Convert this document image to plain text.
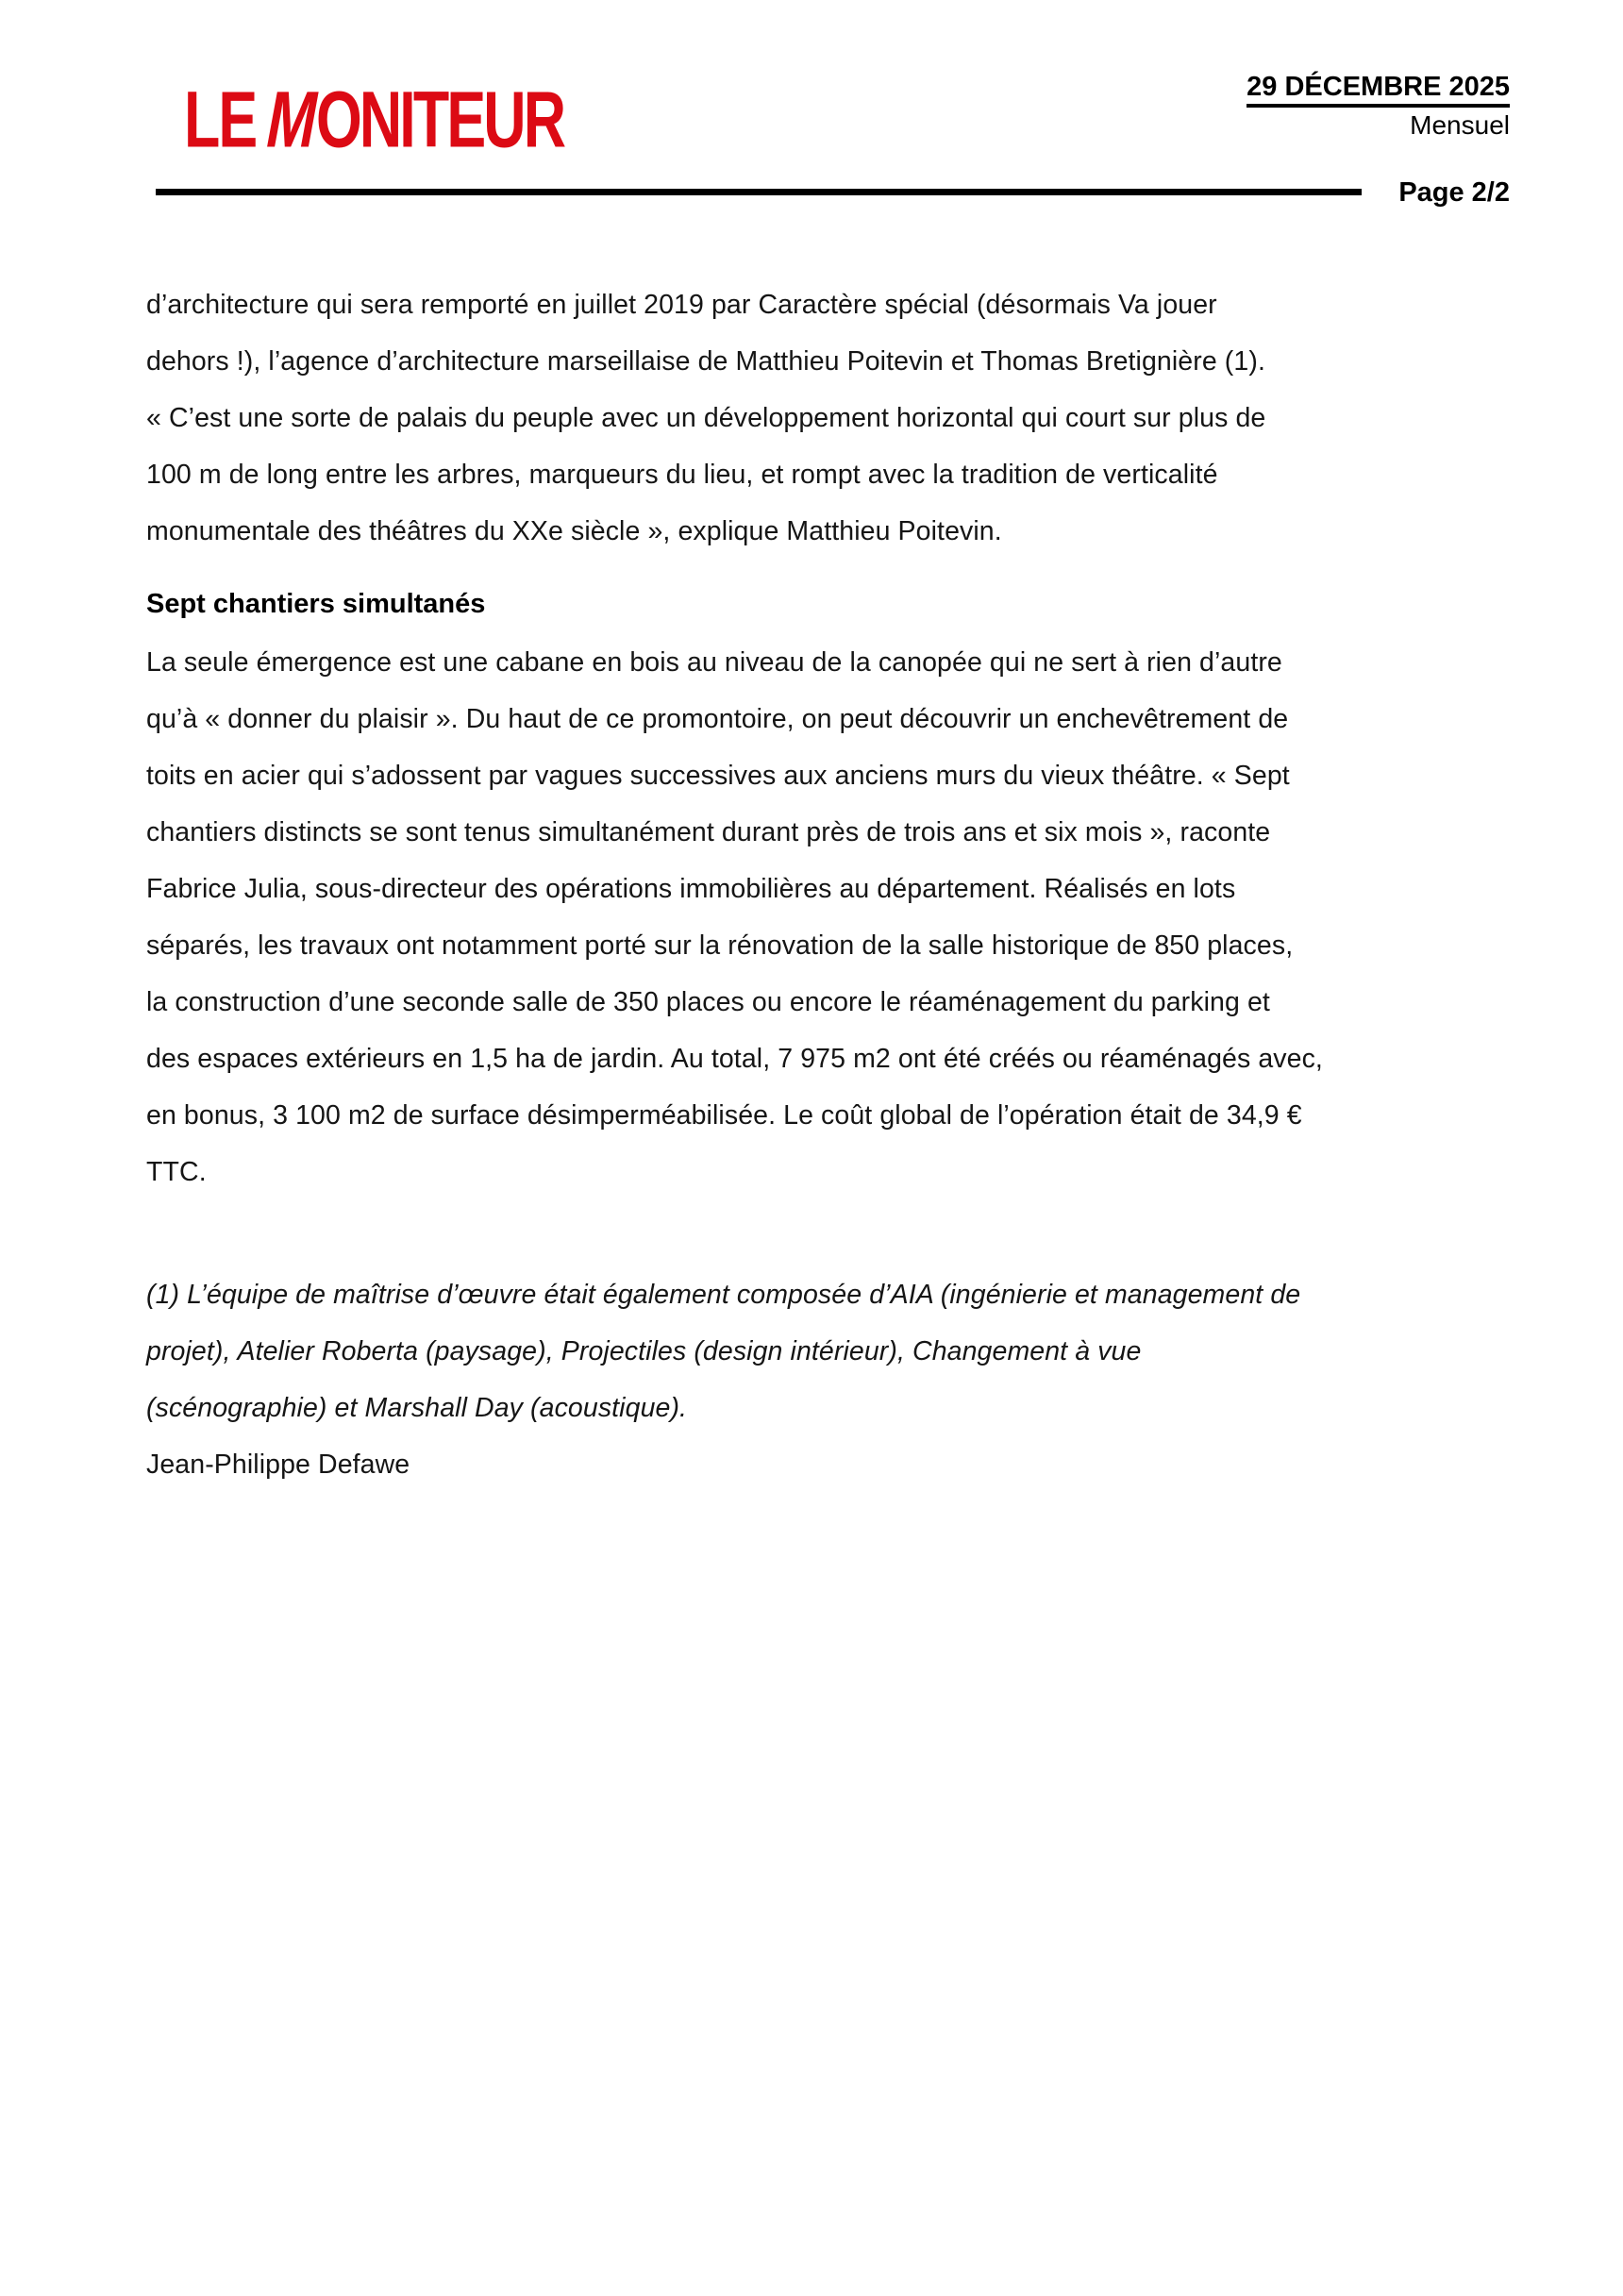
LEMONITEUR	29 DÉCEMBRE 2025
Mensuel
Page 2/2
d’architecture qui sera remporté en juillet 2019 par Caractère spécial (désormais Va jouer
dehors !), l’agence d’architecture marseillaise de Matthieu Poitevin et Thomas Bretignière (1).
« C’est une sorte de palais du peuple avec un développement horizontal qui court sur plus de
100 m de long entre les arbres, marqueurs du lieu, et rompt avec la tradition de verticalité
monumentale des théâtres du XXe siècle », explique Matthieu Poitevin.
Sept chantiers simultanés
La seule émergence est une cabane en bois au niveau de la canopée qui ne sert à rien d’autre
qu’à « donner du plaisir ». Du haut de ce promontoire, on peut découvrir un enchevêtrement de
toits en acier qui s’adossent par vagues successives aux anciens murs du vieux théâtre. « Sept
chantiers distincts se sont tenus simultanément durant près de trois ans et six mois », raconte
Fabrice Julia, sous-directeur des opérations immobilières au département. Réalisés en lots
séparés, les travaux ont notamment porté sur la rénovation de la salle historique de 850 places,
la construction d’une seconde salle de 350 places ou encore le réaménagement du parking et
des espaces extérieurs en 1,5 ha de jardin. Au total, 7 975 m2 ont été créés ou réaménagés avec,
en bonus, 3 100 m2 de surface désimperméabilisée. Le coût global de l’opération était de 34,9 €
TTC.
(1) L’équipe de maîtrise d’œuvre était également composée d’AIA (ingénierie et management de
projet), Atelier Roberta (paysage), Projectiles (design intérieur), Changement à vue
(scénographie) et Marshall Day (acoustique).
Jean-Philippe Defawe
